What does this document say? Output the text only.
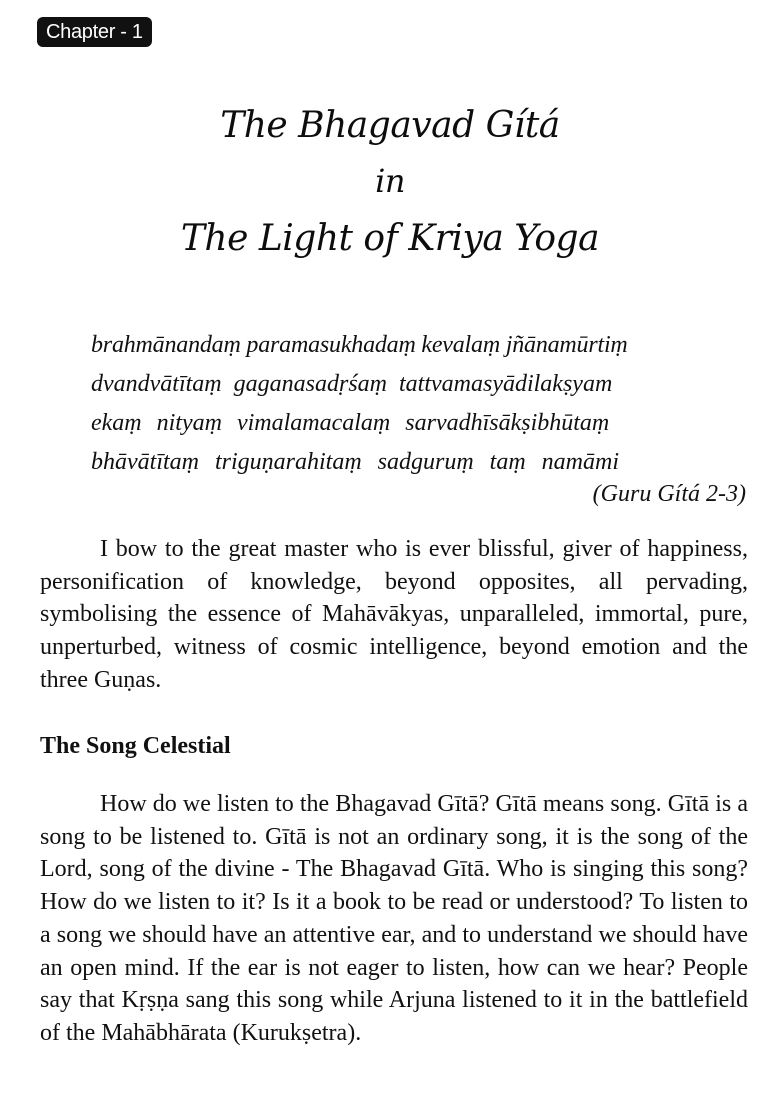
Chapter - 1
The Bhagavad Gítá
in
The Light of Kriya Yoga
brahmānandaṃ paramasukhadaṃ kevalaṃ jñānamūrtiṃ
dvandvātītaṃ gaganasadṛśaṃ tattvamasyādilakṣyam
ekaṃ nityaṃ vimalamacalaṃ sarvadhīsākṣibhūtaṃ
bhāvātītaṃ triguṇarahitaṃ sadguruṃ taṃ namāmi
(Guru Gítá 2-3)
I bow to the great master who is ever blissful, giver of happiness, personification of knowledge, beyond opposites, all pervading, symbolising the essence of Mahāvākyas, unparalleled, immortal, pure, unperturbed, witness of cosmic intelligence, beyond emotion and the three Guṇas.
The Song Celestial
How do we listen to the Bhagavad Gītā? Gītā means song. Gītā is a song to be listened to. Gītā is not an ordinary song, it is the song of the Lord, song of the divine - The Bhagavad Gītā. Who is singing this song? How do we listen to it? Is it a book to be read or understood? To listen to a song we should have an attentive ear, and to understand we should have an open mind. If the ear is not eager to listen, how can we hear? People say that Kṛṣṇa sang this song while Arjuna listened to it in the battlefield of the Mahābhārata (Kurukṣetra).
